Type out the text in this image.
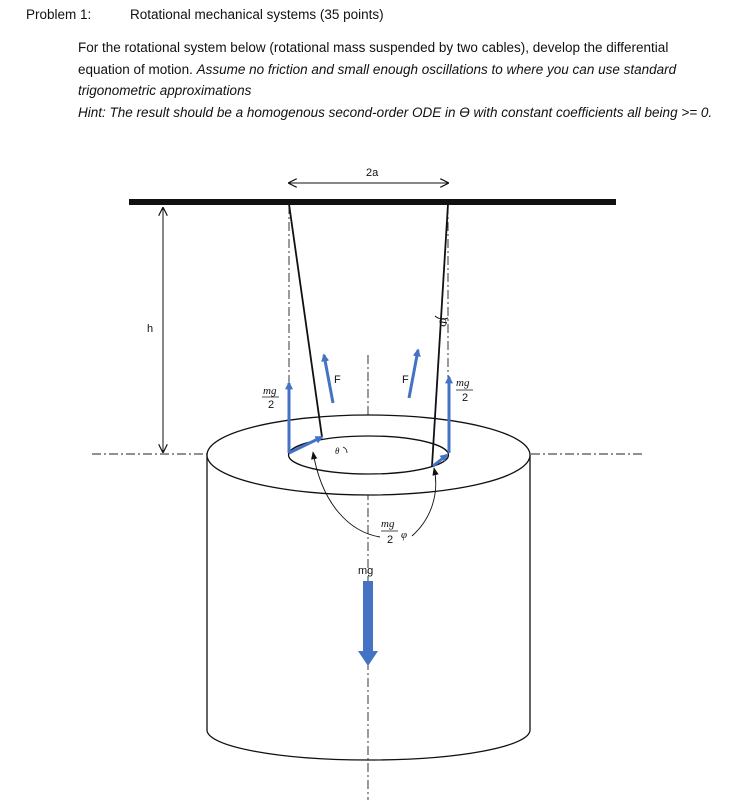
Problem 1:	Rotational mechanical systems (35 points)

For the rotational system below (rotational mass suspended by two cables), develop the differential equation of motion. Assume no friction and small enough oscillations to where you can use standard trigonometric approximations

Hint: The result should be a homogenous second-order ODE in ϴ with constant coefficients all being >= 0.

2a
h
Φ
mg
F	F
mg
2
mg
2
θ
mg
2 φ
